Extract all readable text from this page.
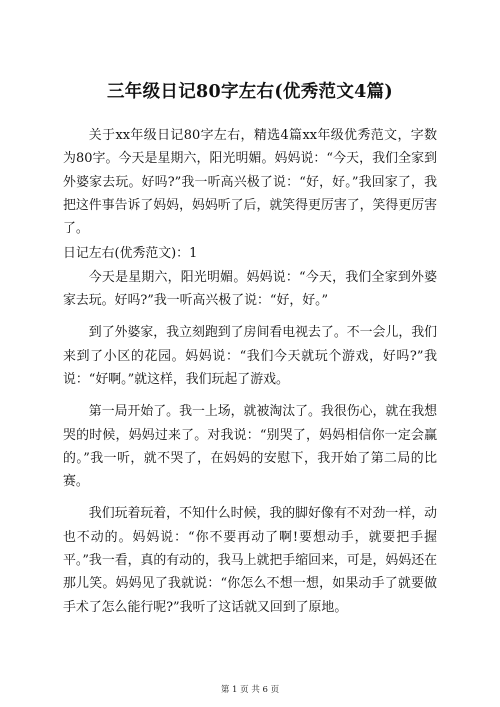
三年级日记80字左右(优秀范文4篇)

关于xx年级日记80字左右，精选4篇xx年级优秀范文，字数为80字。今天是星期六，阳光明媚。妈妈说：“今天，我们全家到外婆家去玩。好吗?”我一听高兴极了说：“好，好。”我回家了，我把这件事告诉了妈妈，妈妈听了后，就笑得更厉害了，笑得更厉害了。

日记左右(优秀范文)：1

今天是星期六，阳光明媚。妈妈说：“今天，我们全家到外婆家去玩。好吗?”我一听高兴极了说：“好，好。”

到了外婆家，我立刻跑到了房间看电视去了。不一会儿，我们来到了小区的花园。妈妈说：“我们今天就玩个游戏，好吗?”我说：“好啊。”就这样，我们玩起了游戏。

第一局开始了。我一上场，就被淘汰了。我很伤心，就在我想哭的时候，妈妈过来了。对我说：“别哭了，妈妈相信你一定会赢的。”我一听，就不哭了，在妈妈的安慰下，我开始了第二局的比赛。

我们玩着玩着，不知什么时候，我的脚好像有不对劲一样，动也不动的。妈妈说：“你不要再动了啊!要想动手，就要把手握平。”我一看，真的有动的，我马上就把手缩回来，可是，妈妈还在那儿笑。妈妈见了我就说：“你怎么不想一想，如果动手了就要做手术了怎么能行呢?”我听了这话就又回到了原地。

第 1 页 共 6 页
